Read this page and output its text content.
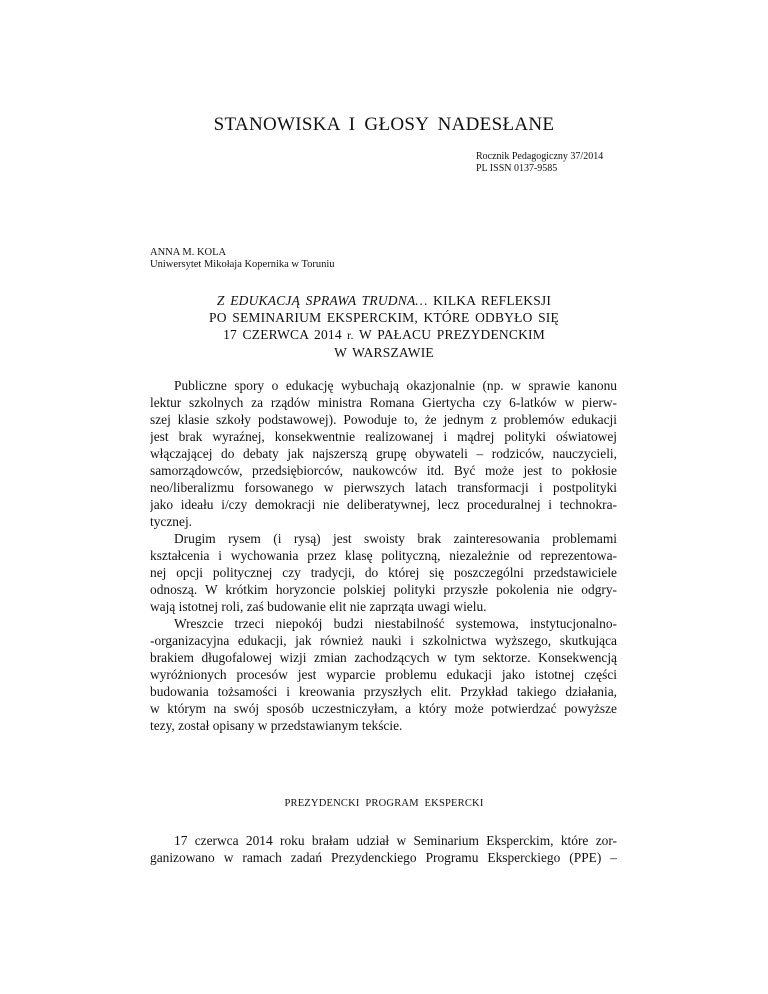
STANOWISKA I GŁOSY NADESŁANE
Rocznik Pedagogiczny 37/2014
PL ISSN 0137-9585
ANNA M. KOLA
Uniwersytet Mikołaja Kopernika w Toruniu
Z EDUKACJĄ SPRAWA TRUDNA… KILKA REFLEKSJI
PO SEMINARIUM EKSPERCKIM, KTÓRE ODBYŁO SIĘ
17 CZERWCA 2014 r. W PAŁACU PREZYDENCKIM
W WARSZAWIE
Publiczne spory o edukację wybuchają okazjonalnie (np. w sprawie kanonu
lektur szkolnych za rządów ministra Romana Giertycha czy 6-latków w pierw-
szej klasie szkoły podstawowej). Powoduje to, że jednym z problemów edukacji
jest brak wyraźnej, konsekwentnie realizowanej i mądrej polityki oświatowej
włączającej do debaty jak najszerszą grupę obywateli – rodziców, nauczycieli,
samorządowców, przedsiębiorców, naukowców itd. Być może jest to pokłosie
neo/liberalizmu forsowanego w pierwszych latach transformacji i postpolityki
jako ideału i/czy demokracji nie deliberatywnej, lecz proceduralnej i technokra-
tycznej.
Drugim rysem (i rysą) jest swoisty brak zainteresowania problemami
kształcenia i wychowania przez klasę polityczną, niezależnie od reprezentowa-
nej opcji politycznej czy tradycji, do której się poszczególni przedstawiciele
odnoszą. W krótkim horyzoncie polskiej polityki przyszłe pokolenia nie odgry-
wają istotnej roli, zaś budowanie elit nie zaprząta uwagi wielu.
Wreszcie trzeci niepokój budzi niestabilność systemowa, instytucjonalno-
-organizacyjna edukacji, jak również nauki i szkolnictwa wyższego, skutkująca
brakiem długofalowej wizji zmian zachodzących w tym sektorze. Konsekwencją
wyróżnionych procesów jest wyparcie problemu edukacji jako istotnej części
budowania tożsamości i kreowania przyszłych elit. Przykład takiego działania,
w którym na swój sposób uczestniczyłam, a który może potwierdzać powyższe
tezy, został opisany w przedstawianym tekście.
PREZYDENCKI PROGRAM EKSPERCKI
17 czerwca 2014 roku brałam udział w Seminarium Eksperckim, które zor-
ganizowano w ramach zadań Prezydenckiego Programu Eksperckiego (PPE) –
